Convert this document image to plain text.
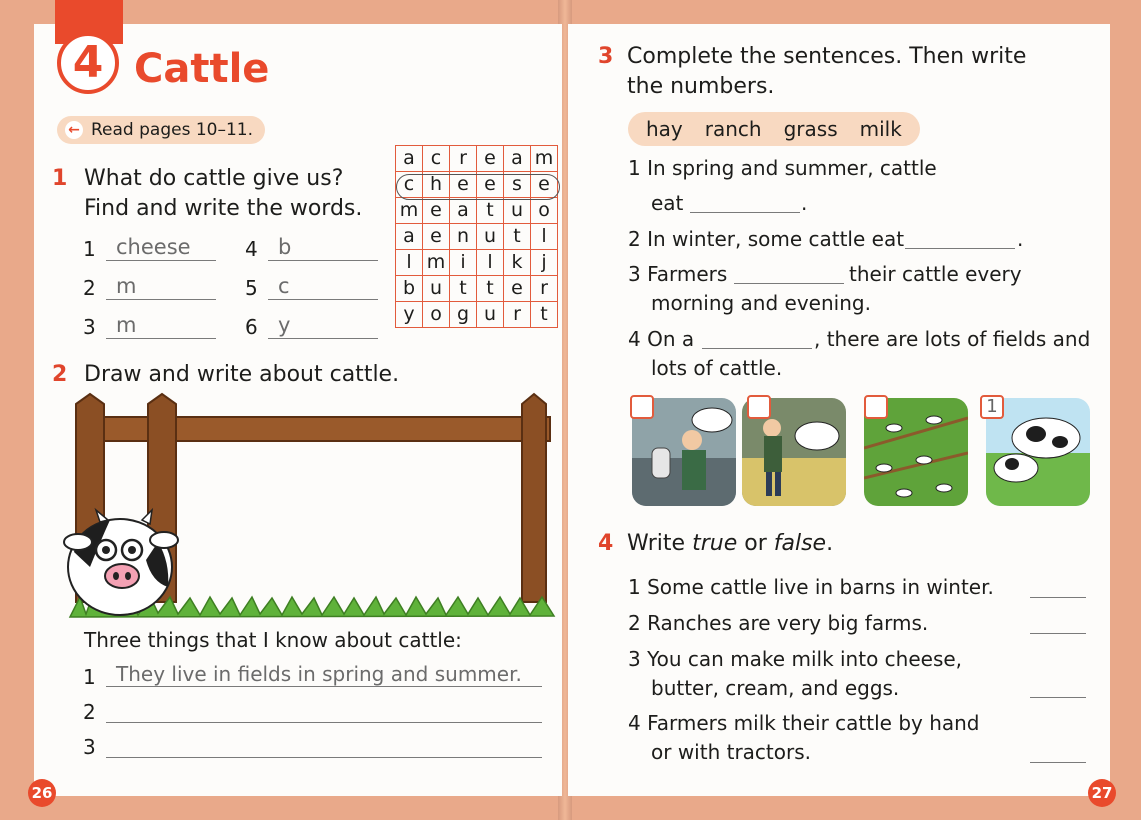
4 Cattle
← Read pages 10–11.
1 What do cattle give us?
Find and write the words.
1 cheese	4 b
2 m	5 c
3 m	6 y
a	c	r	e	a	m
c	h	e	e	s	e
m	e	a	t	u	o
a	e	n	u	t	l
l	m	i	l	k	j
b	u	t	t	e	r
y	o	g	u	r	t
2 Draw and write about cattle.
Three things that I know about cattle:
1 They live in fields in spring and summer.
2
3
26
3 Complete the sentences. Then write
the numbers.
hay ranch grass milk
1 In spring and summer, cattle
eat	.
2 In winter, some cattle eat	.
3 Farmers	their cattle every
morning and evening.
4 On a	, there are lots of fields and
lots of cattle.
1
4 Write true or false.
1 Some cattle live in barns in winter.
2 Ranches are very big farms.
3 You can make milk into cheese,
butter, cream, and eggs.
4 Farmers milk their cattle by hand
or with tractors.
27
